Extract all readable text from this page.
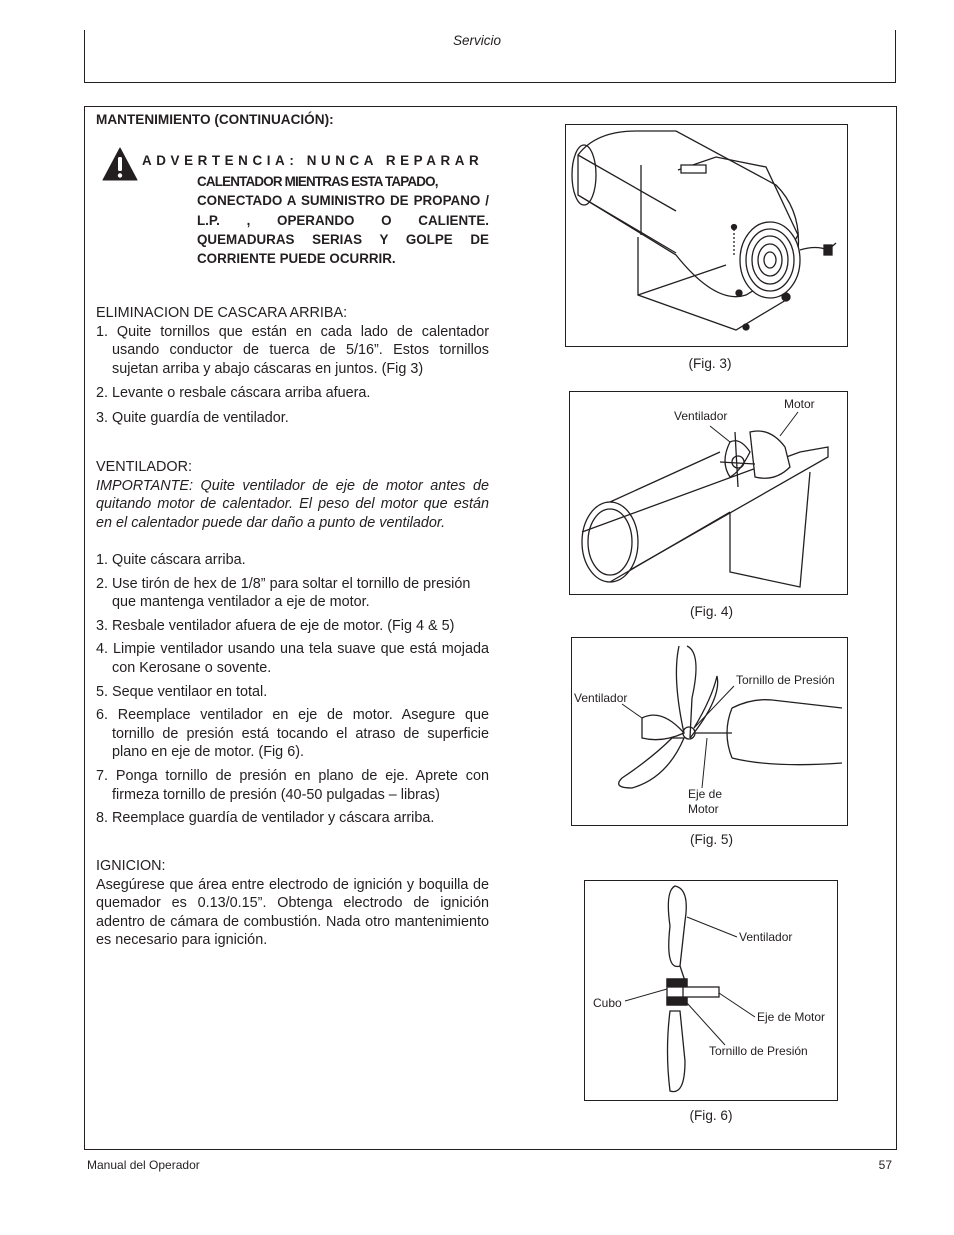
Servicio
MANTENIMIENTO (CONTINUACIÓN):
ADVERTENCIA: NUNCA REPARAR
CALENTADOR MIENTRAS ESTA TAPADO,
CONECTADO A SUMINISTRO DE PROPANO / L.P. , OPERANDO O CALIENTE. QUEMADURAS SERIAS Y GOLPE DE CORRIENTE PUEDE OCURRIR.

ELIMINACION DE CASCARA ARRIBA:

1. Quite tornillos que están en cada lado de calentador usando conductor de tuerca de 5/16”. Estos tornillos sujetan arriba y abajo cáscaras en juntos. (Fig 3)

2. Levante o resbale cáscara arriba afuera.

3. Quite guardía de ventilador.

VENTILADOR:

IMPORTANTE: Quite ventilador de eje de motor antes de quitando motor de calentador. El peso del motor que están en el calentador puede dar daño a punto de ventilador.

1. Quite cáscara arriba.

2. Use tirón de hex de 1/8” para soltar el tornillo de presión que mantenga ventilador a eje de motor.

3. Resbale ventilador afuera de eje de motor. (Fig 4 & 5)

4. Limpie ventilador usando una tela suave que está mojada con Kerosane o sovente.

5. Seque ventilaor en total.

6. Reemplace ventilador en eje de motor. Asegure que tornillo de presión está tocando el atraso de superficie plano en eje de motor. (Fig 6).

7. Ponga tornillo de presión en plano de eje. Aprete con firmeza tornillo de presión (40-50 pulgadas – libras)

8. Reemplace guardía de ventilador y cáscara arriba.

IGNICION:

Asegúrese que área entre electrodo de ignición y boquilla de quemador es 0.13/0.15”. Obtenga electrodo de ignición adentro de cámara de combustión. Nada otro mantenimiento es necesario para ignición.

(Fig. 3)
Ventilador
Motor
(Fig. 4)
Ventilador
Tornillo de Presión
Eje de
Motor
(Fig. 5)
Ventilador
Cubo
Eje de Motor
Tornillo de Presión
(Fig. 6)
Manual del Operador	57
